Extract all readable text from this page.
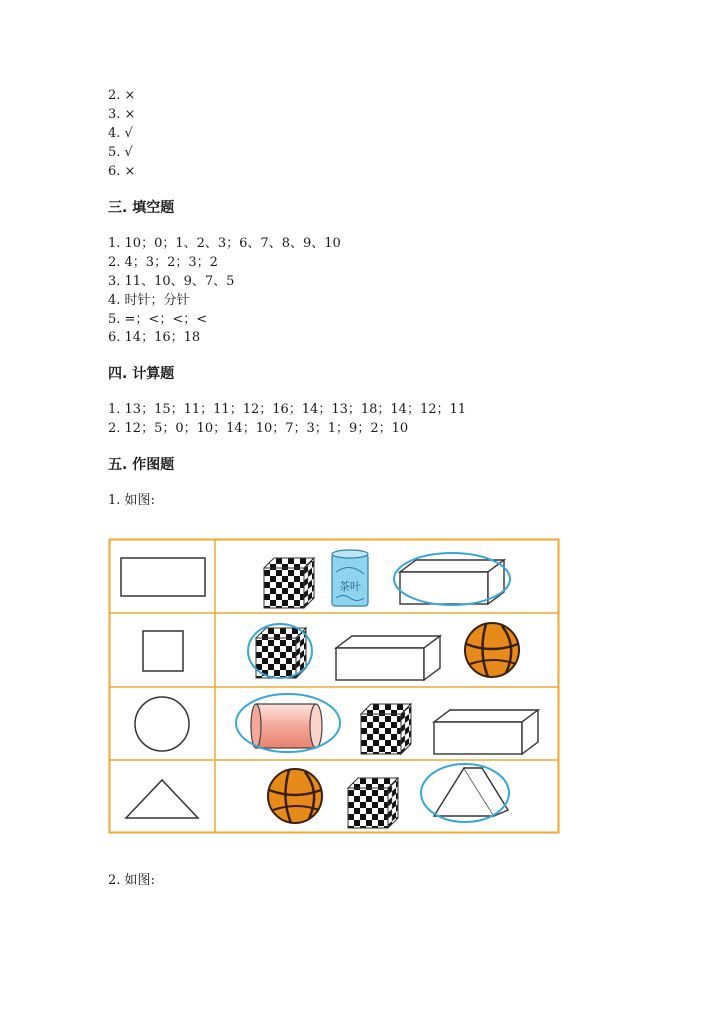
2. ×
3. ×
4. √
5. √
6. ×
三. 填空题
1. 10；0；1、2、3；6、7、8、9、10
2. 4；3；2；3；2
3. 11、10、9、7、5
4. 时针；分针
5. =；<；<；<
6. 14；16；18
四. 计算题
1. 13；15；11；11；12；16；14；13；18；14；12；11
2. 12；5；0；10；14；10；7；3；1；9；2；10
五. 作图题
1. 如图:
茶叶
2. 如图:
